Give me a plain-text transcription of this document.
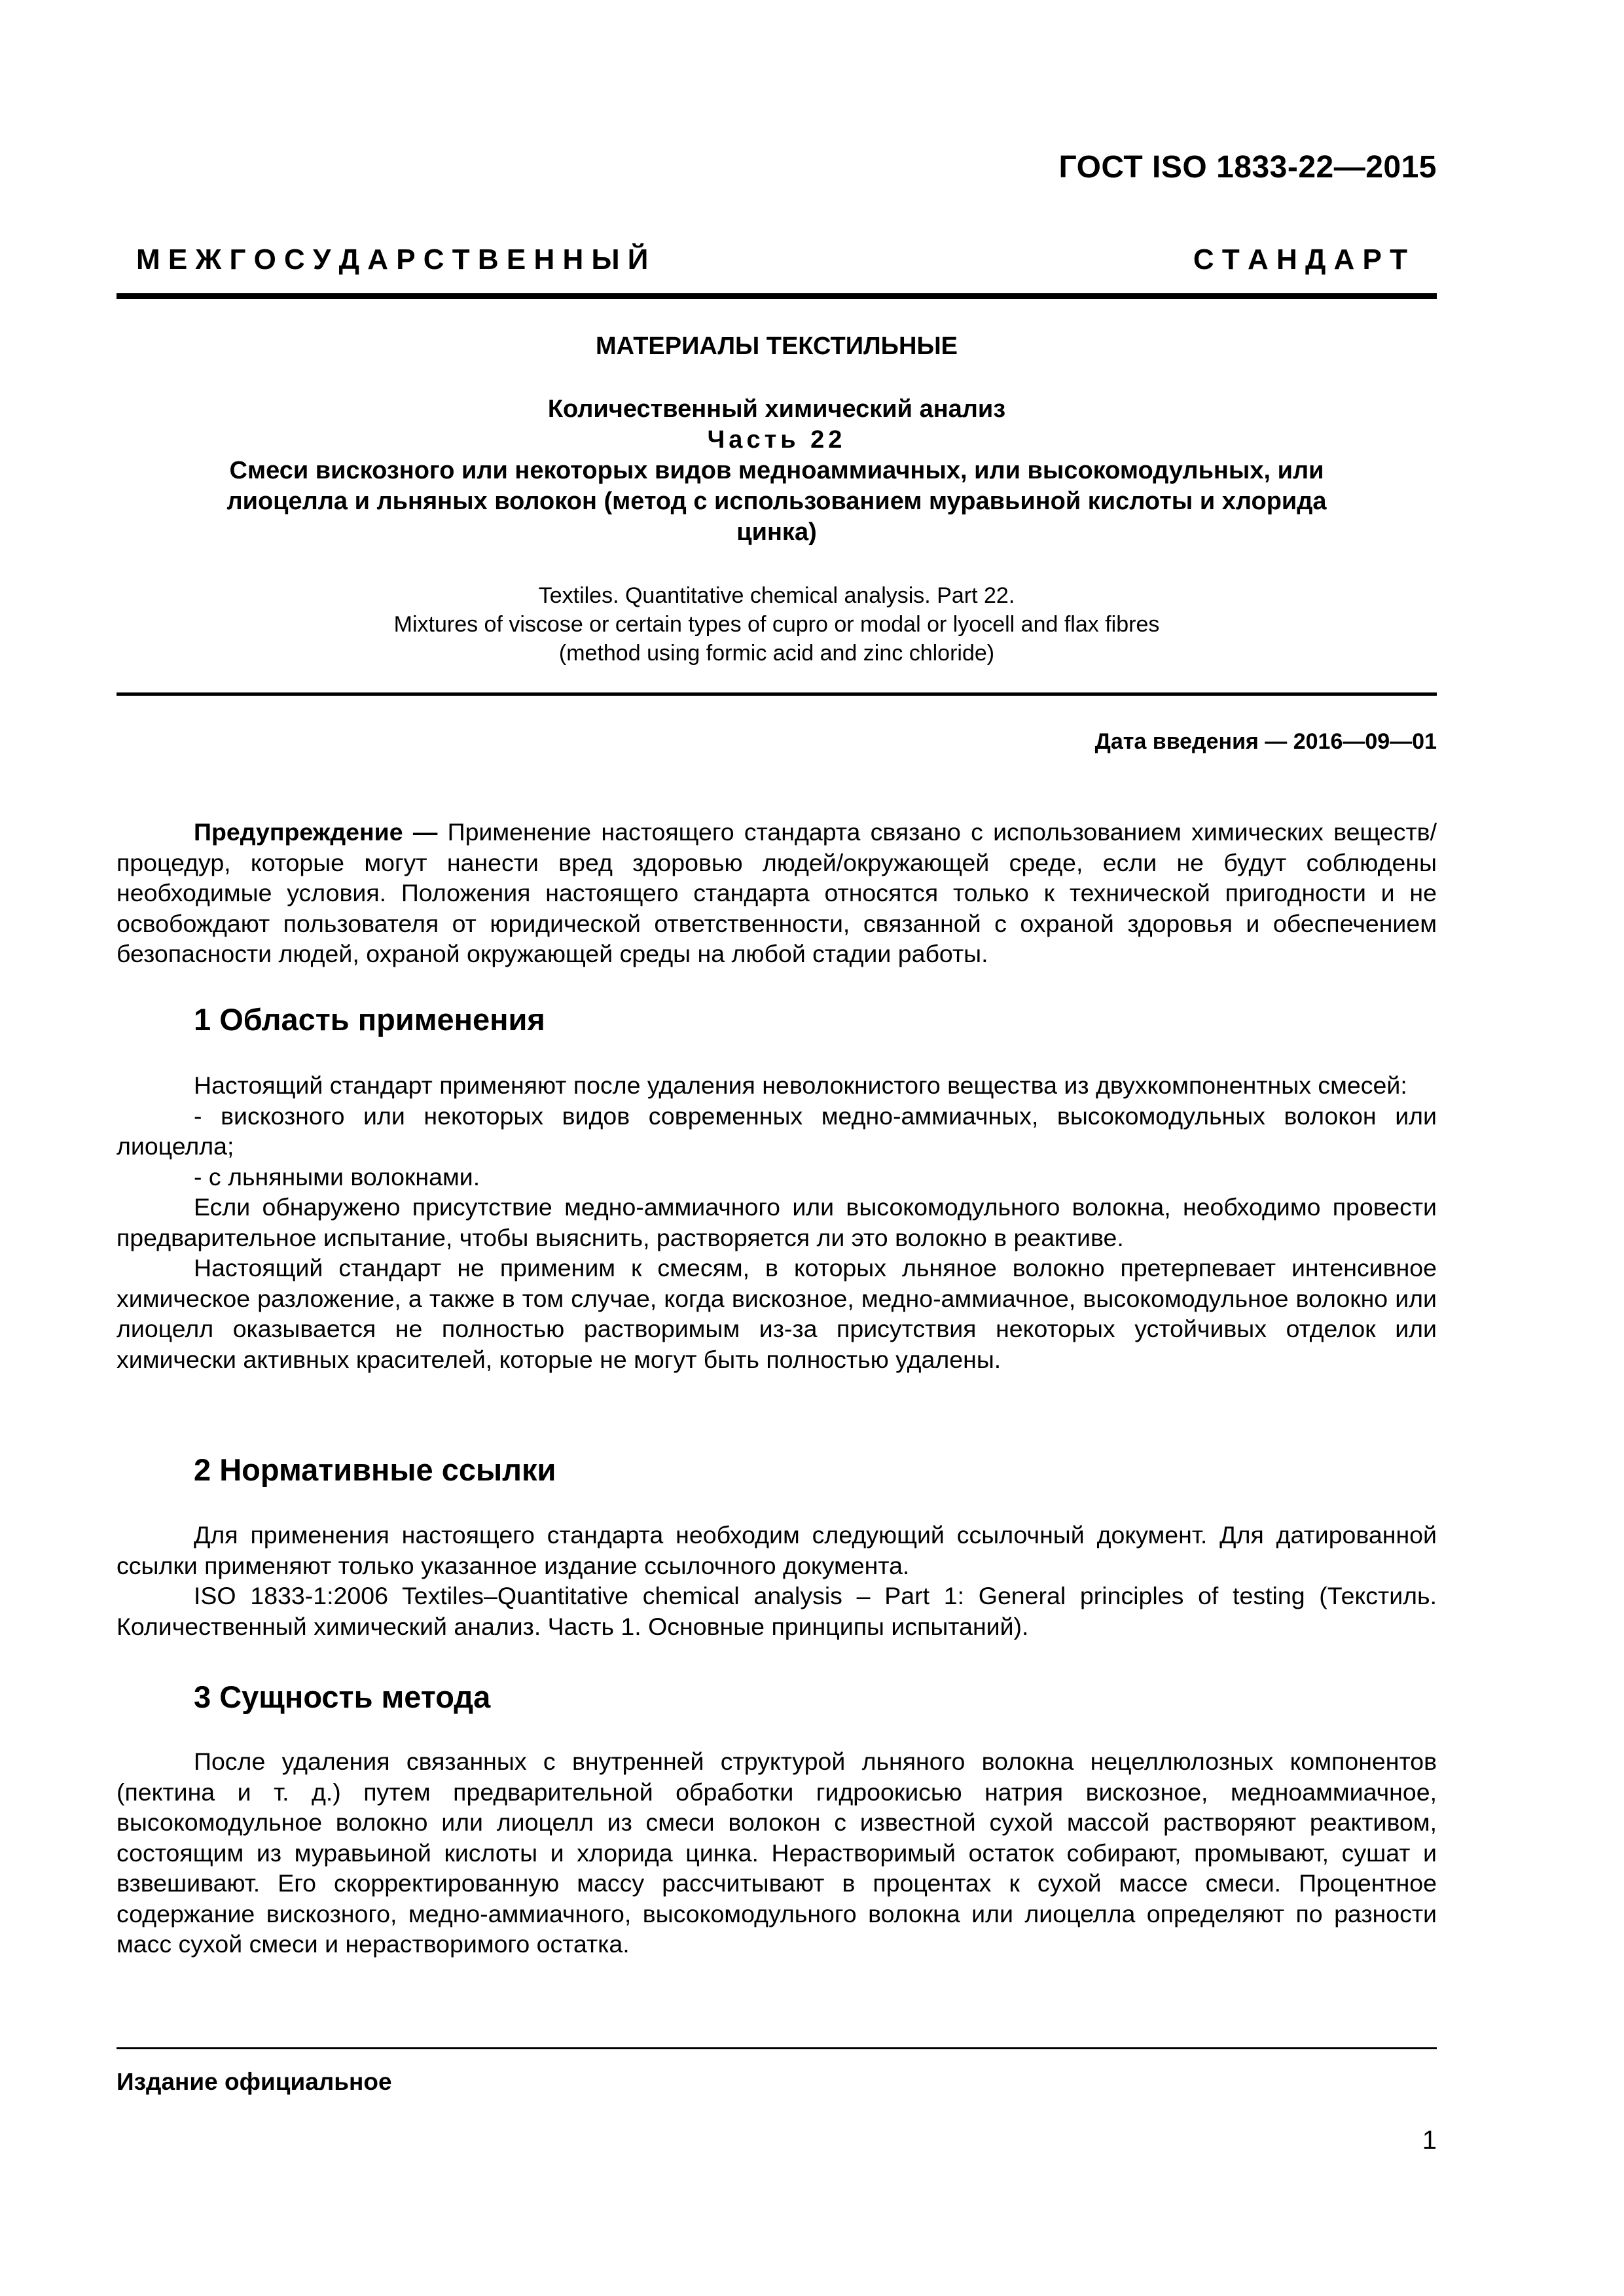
ГОСТ ISO 1833-22—2015
М Е Ж Г О С У Д А Р С Т В Е Н Н Ы Й	С Т А Н Д А Р Т
МАТЕРИАЛЫ ТЕКСТИЛЬНЫЕ
Количественный химический анализ
Часть 22
Смеси вискозного или некоторых видов медноаммиачных, или высокомодульных, или
лиоцелла и льняных волокон (метод с использованием муравьиной кислоты и хлорида
цинка)
Textiles. Quantitative chemical analysis. Part 22.
Mixtures of viscose or certain types of cupro or modal or lyocell and flax fibres
(method using formic acid and zinc chloride)
Дата введения — 2016—09—01

Предупреждение — Применение настоящего стандарта связано с использованием химических веществ/процедур, которые могут нанести вред здоровью людей/окружающей среде, если не будут соблюдены необходимые условия. Положения настоящего стандарта относятся только к технической пригодности и не освобождают пользователя от юридической ответственности, связанной с охраной здоровья и обеспечением безопасности людей, охраной окружающей среды на любой стадии работы.

1 Область применения

Настоящий стандарт применяют после удаления неволокнистого вещества из двухкомпонентных смесей:

- вискозного или некоторых видов современных медно-аммиачных, высокомодульных волокон или лиоцелла;

- с льняными волокнами.

Если обнаружено присутствие медно-аммиачного или высокомодульного волокна, необходимо провести предварительное испытание, чтобы выяснить, растворяется ли это волокно в реактиве.

Настоящий стандарт не применим к смесям, в которых льняное волокно претерпевает интенсивное химическое разложение, а также в том случае, когда вискозное, медно-аммиачное, высокомодульное волокно или лиоцелл оказывается не полностью растворимым из-за присутствия некоторых устойчивых отделок или химически активных красителей, которые не могут быть полностью удалены.

2 Нормативные ссылки

Для применения настоящего стандарта необходим следующий ссылочный документ. Для датированной ссылки применяют только указанное издание ссылочного документа.

ISO 1833-1:2006 Textiles–Quantitative chemical analysis – Part 1: General principles of testing (Текстиль. Количественный химический анализ. Часть 1. Основные принципы испытаний).

3 Сущность метода

После удаления связанных с внутренней структурой льняного волокна нецеллюлозных компонентов (пектина и т. д.) путем предварительной обработки гидроокисью натрия вискозное, медноаммиачное, высокомодульное волокно или лиоцелл из смеси волокон с известной сухой массой растворяют реактивом, состоящим из муравьиной кислоты и хлорида цинка. Нерастворимый остаток собирают, промывают, сушат и взвешивают. Его скорректированную массу рассчитывают в процентах к сухой массе смеси. Процентное содержание вискозного, медно-аммиачного, высокомодульного волокна или лиоцелла определяют по разности масс сухой смеси и нерастворимого остатка.

Издание официальное
1
